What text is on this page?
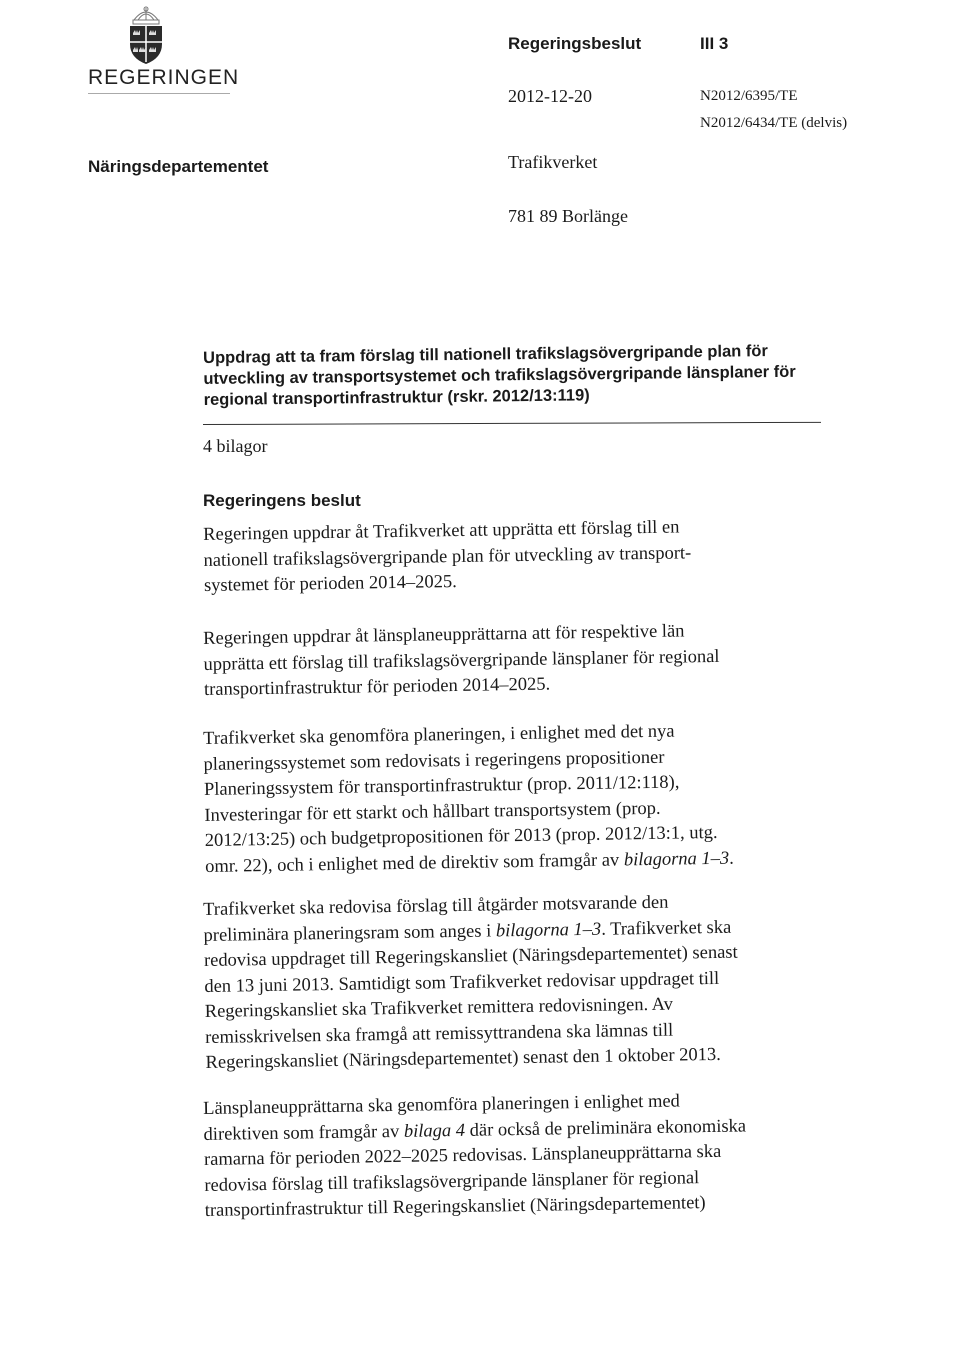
REGERINGEN
Regeringsbeslut	III 3
2012-12-20	N2012/6395/TE
N2012/6434/TE (delvis)
Näringsdepartementet	Trafikverket
781 89 Borlänge
Uppdrag att ta fram förslag till nationell trafikslagsövergripande plan för
utveckling av transportsystemet och trafikslagsövergripande länsplaner för
regional transportinfrastruktur (rskr. 2012/13:119)
4 bilagor
Regeringens beslut
Regeringen uppdrar åt Trafikverket att upprätta ett förslag till en
nationell trafikslagsövergripande plan för utveckling av transport-
systemet för perioden 2014–2025.
Regeringen uppdrar åt länsplaneupprättarna att för respektive län
upprätta ett förslag till trafikslagsövergripande länsplaner för regional
transportinfrastruktur för perioden 2014–2025.
Trafikverket ska genomföra planeringen, i enlighet med det nya
planeringssystemet som redovisats i regeringens propositioner
Planeringssystem för transportinfrastruktur (prop. 2011/12:118),
Investeringar för ett starkt och hållbart transportsystem (prop.
2012/13:25) och budgetpropositionen för 2013 (prop. 2012/13:1, utg.
omr. 22), och i enlighet med de direktiv som framgår av bilagorna 1–3.
Trafikverket ska redovisa förslag till åtgärder motsvarande den
preliminära planeringsram som anges i bilagorna 1–3. Trafikverket ska
redovisa uppdraget till Regeringskansliet (Näringsdepartementet) senast
den 13 juni 2013. Samtidigt som Trafikverket redovisar uppdraget till
Regeringskansliet ska Trafikverket remittera redovisningen. Av
remisskrivelsen ska framgå att remissyttrandena ska lämnas till
Regeringskansliet (Näringsdepartementet) senast den 1 oktober 2013.
Länsplaneupprättarna ska genomföra planeringen i enlighet med
direktiven som framgår av bilaga 4 där också de preliminära ekonomiska
ramarna för perioden 2022–2025 redovisas. Länsplaneupprättarna ska
redovisa förslag till trafikslagsövergripande länsplaner för regional
transportinfrastruktur till Regeringskansliet (Näringsdepartementet)
